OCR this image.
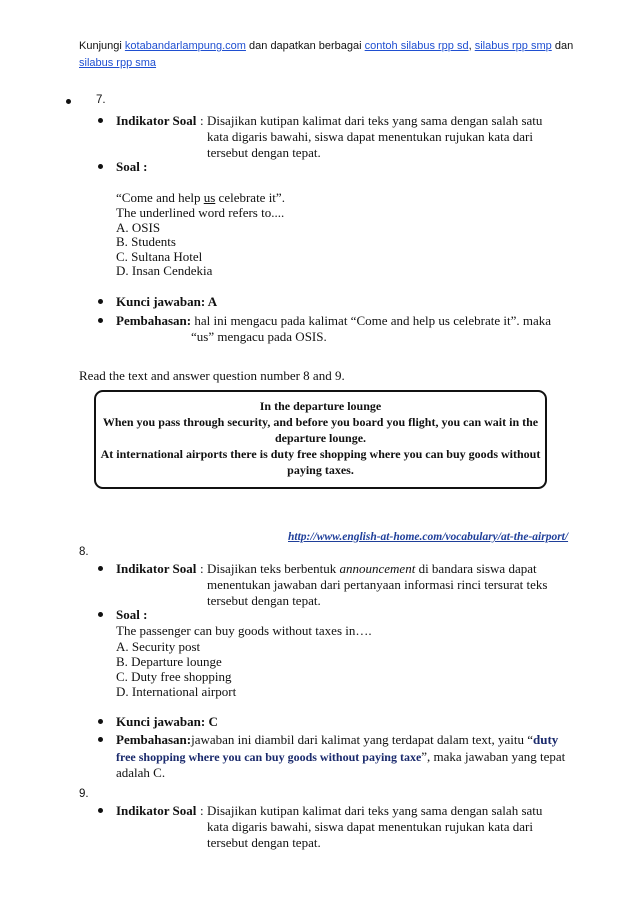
Kunjungi kotabandarlampung.com dan dapatkan berbagai contoh silabus rpp sd, silabus rpp smp dan
silabus rpp sma
7.
Indikator Soal : Disajikan kutipan kalimat dari teks yang sama dengan salah satu
kata digaris bawahi, siswa dapat menentukan rujukan kata dari
tersebut dengan tepat.
Soal :
“Come and help us celebrate it”.
The underlined word refers to....
A. OSIS
B. Students
C. Sultana Hotel
D. Insan Cendekia
Kunci jawaban: A
Pembahasan: hal ini mengacu pada kalimat “Come and help us celebrate it”. maka
“us” mengacu pada OSIS.
Read the text and answer question number 8 and 9.
In the departure lounge
When you pass through security, and before you board you flight, you can wait in the
departure lounge.
At international airports there is duty free shopping where you can buy goods without
paying taxes.
http://www.english-at-home.com/vocabulary/at-the-airport/
8.
Indikator Soal : Disajikan teks berbentuk announcement di bandara siswa dapat
menentukan jawaban dari pertanyaan informasi rinci tersurat teks
tersebut dengan tepat.
Soal :
The passenger can buy goods without taxes in….
A. Security post
B. Departure lounge
C. Duty free shopping
D. International airport
Kunci jawaban: C
Pembahasan:jawaban ini diambil dari kalimat yang terdapat dalam text, yaitu “duty
free shopping where you can buy goods without paying taxe”, maka jawaban yang tepat
adalah C.
9.
Indikator Soal : Disajikan kutipan kalimat dari teks yang sama dengan salah satu
kata digaris bawahi, siswa dapat menentukan rujukan kata dari
tersebut dengan tepat.
